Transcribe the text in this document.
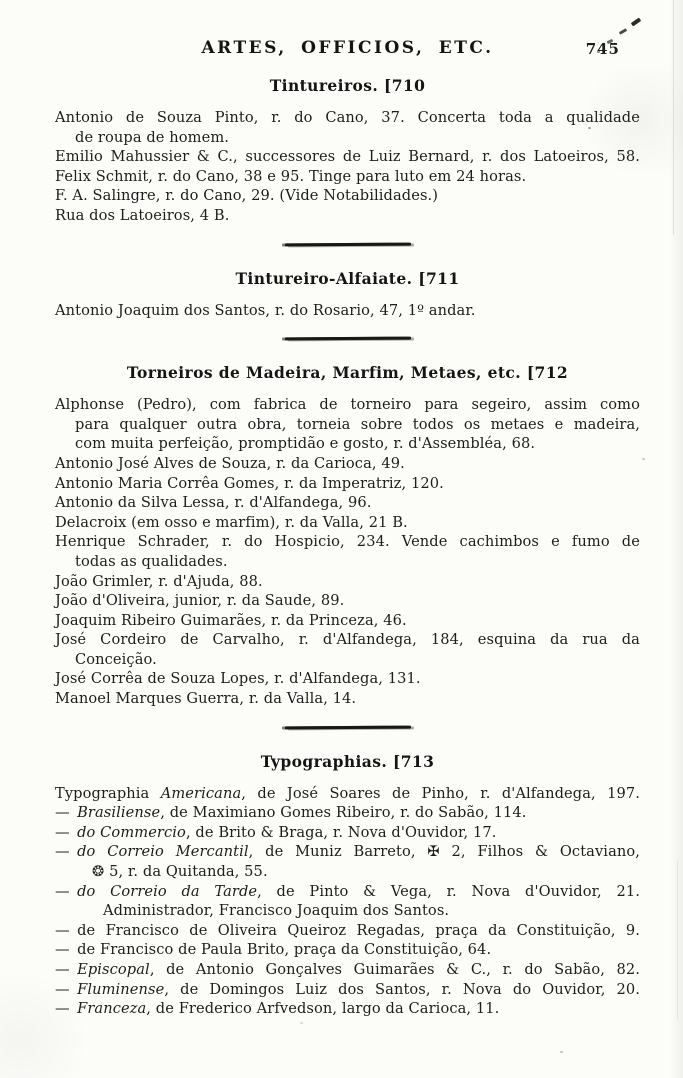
ARTES, OFFICIOS, ETC.	745
Tintureiros. [710
Antonio de Souza Pinto, r. do Cano, 37. Concerta toda a qualidade
de roupa de homem.
Emilio Mahussier & C., successores de Luiz Bernard, r. dos Latoeiros, 58.
Felix Schmit, r. do Cano, 38 e 95. Tinge para luto em 24 horas.
F. A. Salingre, r. do Cano, 29. (Vide Notabilidades.)
Rua dos Latoeiros, 4 B.
Tintureiro-Alfaiate. [711
Antonio Joaquim dos Santos, r. do Rosario, 47, 1º andar.
Torneiros de Madeira, Marfim, Metaes, etc. [712
Alphonse (Pedro), com fabrica de torneiro para segeiro, assim como
para qualquer outra obra, torneia sobre todos os metaes e madeira,
com muita perfeição, promptidão e gosto, r. d'Assembléa, 68.
Antonio José Alves de Souza, r. da Carioca, 49.
Antonio Maria Corrêa Gomes, r. da Imperatriz, 120.
Antonio da Silva Lessa, r. d'Alfandega, 96.
Delacroix (em osso e marfim), r. da Valla, 21 B.
Henrique Schrader, r. do Hospicio, 234. Vende cachimbos e fumo de
todas as qualidades.
João Grimler, r. d'Ajuda, 88.
João d'Oliveira, junior, r. da Saude, 89.
Joaquim Ribeiro Guimarães, r. da Princeza, 46.
José Cordeiro de Carvalho, r. d'Alfandega, 184, esquina da rua da
Conceição.
José Corrêa de Souza Lopes, r. d'Alfandega, 131.
Manoel Marques Guerra, r. da Valla, 14.
Typographias. [713
Typographia Americana, de José Soares de Pinho, r. d'Alfandega, 197.
— Brasiliense, de Maximiano Gomes Ribeiro, r. do Sabão, 114.
— do Commercio, de Brito & Braga, r. Nova d'Ouvidor, 17.
— do Correio Mercantil, de Muniz Barreto, ✠ 2, Filhos & Octaviano,
❂ 5, r. da Quitanda, 55.
— do Correio da Tarde, de Pinto & Vega, r. Nova d'Ouvidor, 21.
Administrador, Francisco Joaquim dos Santos.
— de Francisco de Oliveira Queiroz Regadas, praça da Constituição, 9.
— de Francisco de Paula Brito, praça da Constituição, 64.
— Episcopal, de Antonio Gonçalves Guimarães & C., r. do Sabão, 82.
— Fluminense, de Domingos Luiz dos Santos, r. Nova do Ouvidor, 20.
— Franceza, de Frederico Arfvedson, largo da Carioca, 11.
